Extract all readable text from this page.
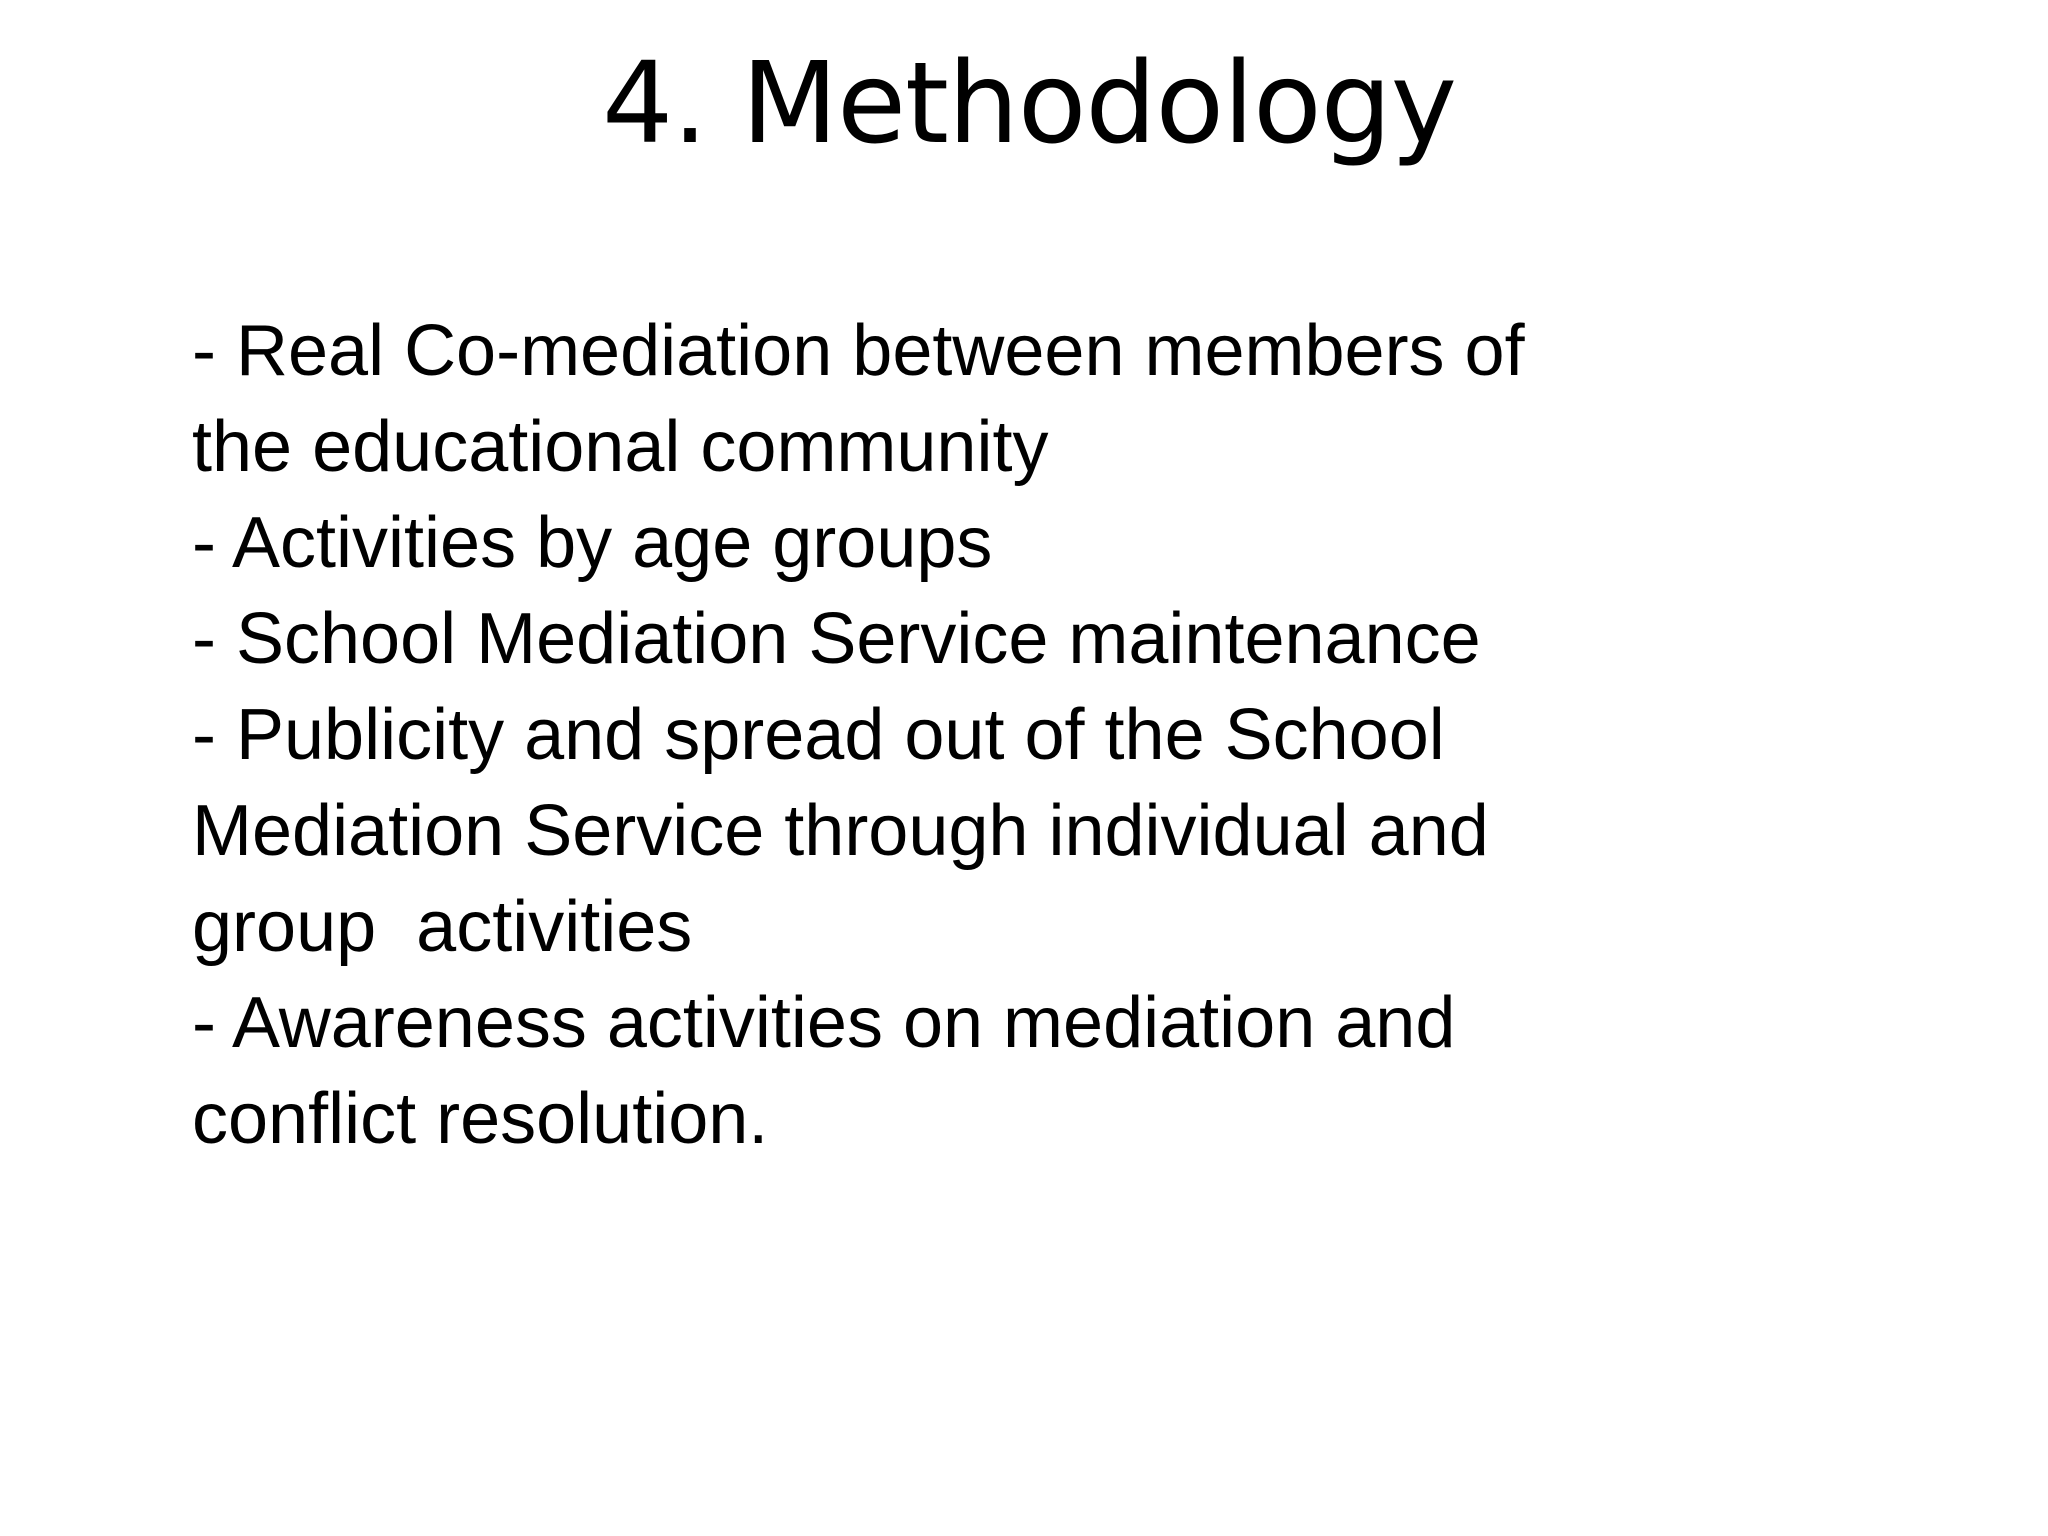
4. Methodology
- Real Co-mediation between members of
the educational community
- Activities by age groups
- School Mediation Service maintenance
- Publicity and spread out of the School
Mediation Service through individual and
group  activities
- Awareness activities on mediation and
conflict resolution.
